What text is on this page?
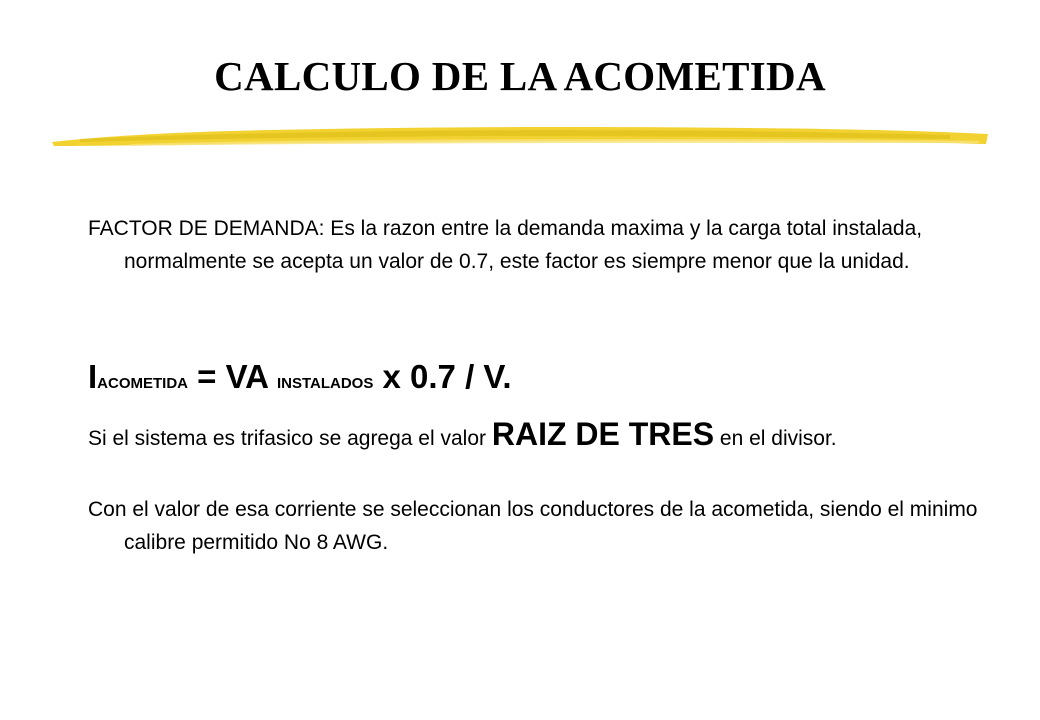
CALCULO DE LA ACOMETIDA

FACTOR DE DEMANDA: Es la razon entre la demanda maxima y la carga total instalada, normalmente se acepta un valor de 0.7, este factor es siempre menor que la unidad.

IACOMETIDA = VA INSTALADOS x 0.7 / V.

Si el sistema es trifasico se agrega el valor RAIZ DE TRES en el divisor.

Con el valor de esa corriente se seleccionan los conductores de la acometida, siendo el minimo calibre permitido No 8 AWG.
